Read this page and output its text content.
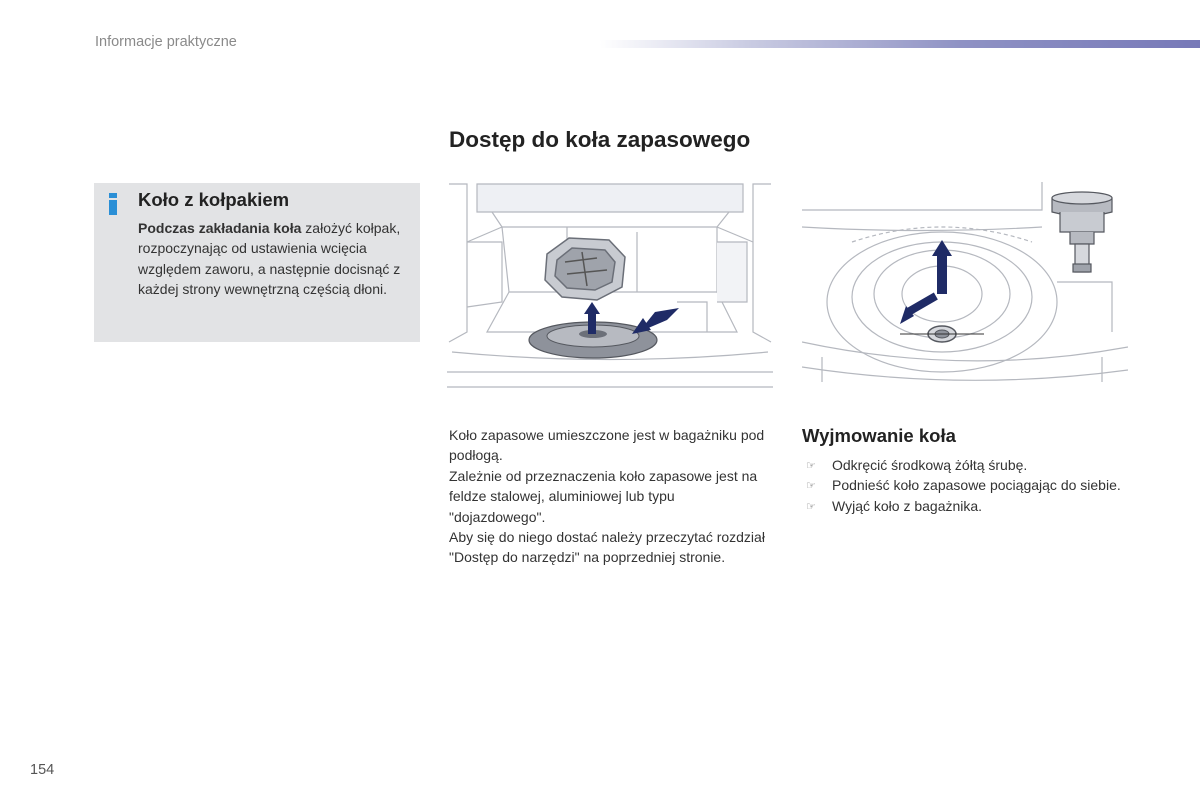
Informacje praktyczne
Dostęp do koła zapasowego
Koło z kołpakiem
Podczas zakładania koła założyć kołpak, rozpoczynając od ustawienia wcięcia względem zaworu, a następnie docisnąć z każdej strony wewnętrzną częścią dłoni.

Koło zapasowe umieszczone jest w bagażniku pod podłogą.

Zależnie od przeznaczenia koło zapasowe jest na feldze stalowej, aluminiowej lub typu "dojazdowego".

Aby się do niego dostać należy przeczytać rozdział "Dostęp do narzędzi" na poprzedniej stronie.

Wyjmowanie koła
☞ Odkręcić środkową żółtą śrubę.
☞ Podnieść koło zapasowe pociągając do siebie.
☞ Wyjąć koło z bagażnika.
154
